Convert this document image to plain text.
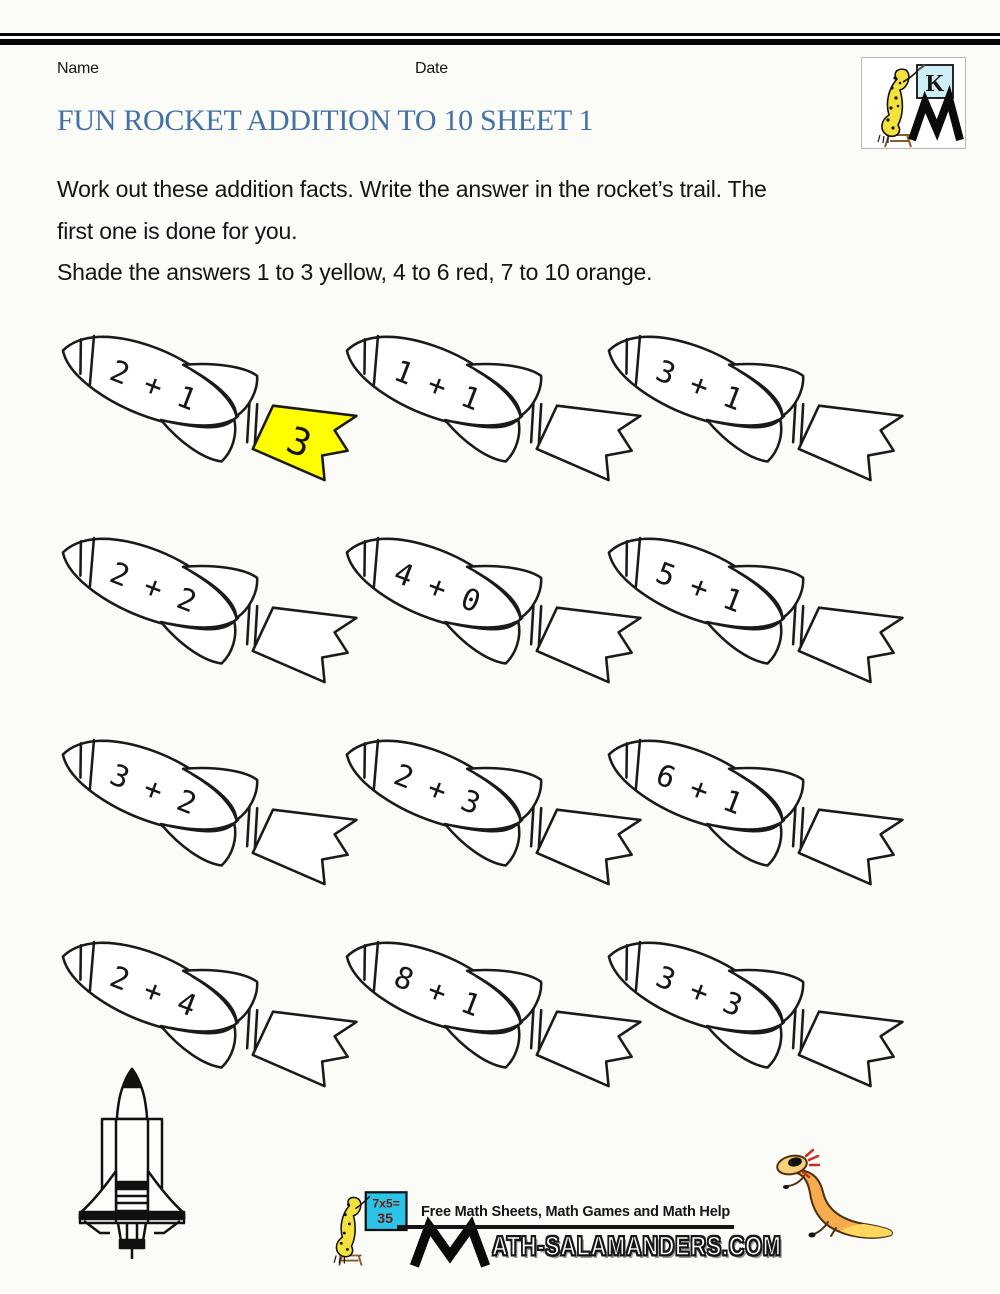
Name	Date
K
FUN ROCKET ADDITION TO 10 SHEET 1
Work out these addition facts. Write the answer in the rocket’s trail. The
first one is done for you.
Shade the answers 1 to 3 yellow, 4 to 6 red, 7 to 10 orange.
2 + 1
3
1 + 1	3 + 1
2 + 2	4 + 0	5 + 1
3 + 2	2 + 3	6 + 1
2 + 4	8 + 1	3 + 3
7x5=
35 Free Math Sheets, Math Games and Math Help
ATH-SALAMANDERS.COM
